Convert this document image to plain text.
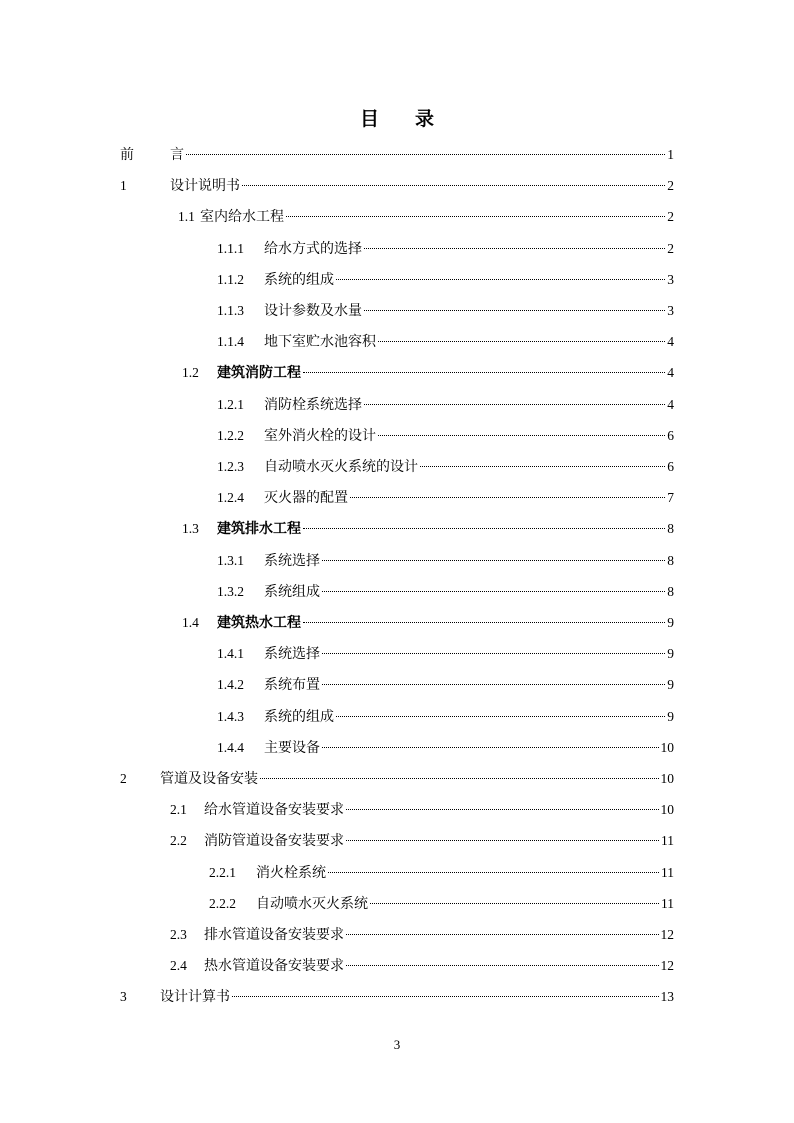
目 录
前	言	1
1	设计说明书	2
1.1 室内给水工程	2
1.1.1	给水方式的选择	2
1.1.2	系统的组成	3
1.1.3	设计参数及水量	3
1.1.4	地下室贮水池容积	4
1.2	建筑消防工程	4
1.2.1	消防栓系统选择	4
1.2.2	室外消火栓的设计	6
1.2.3	自动喷水灭火系统的设计	6
1.2.4	灭火器的配置	7
1.3	建筑排水工程	8
1.3.1	系统选择	8
1.3.2	系统组成	8
1.4	建筑热水工程	9
1.4.1	系统选择	9
1.4.2	系统布置	9
1.4.3	系统的组成	9
1.4.4	主要设备	10
2	管道及设备安装	10
2.1	给水管道设备安装要求	10
2.2	消防管道设备安装要求	11
2.2.1	消火栓系统	11
2.2.2	自动喷水灭火系统	11
2.3	排水管道设备安装要求	12
2.4	热水管道设备安装要求	12
3	设计计算书	13
3
